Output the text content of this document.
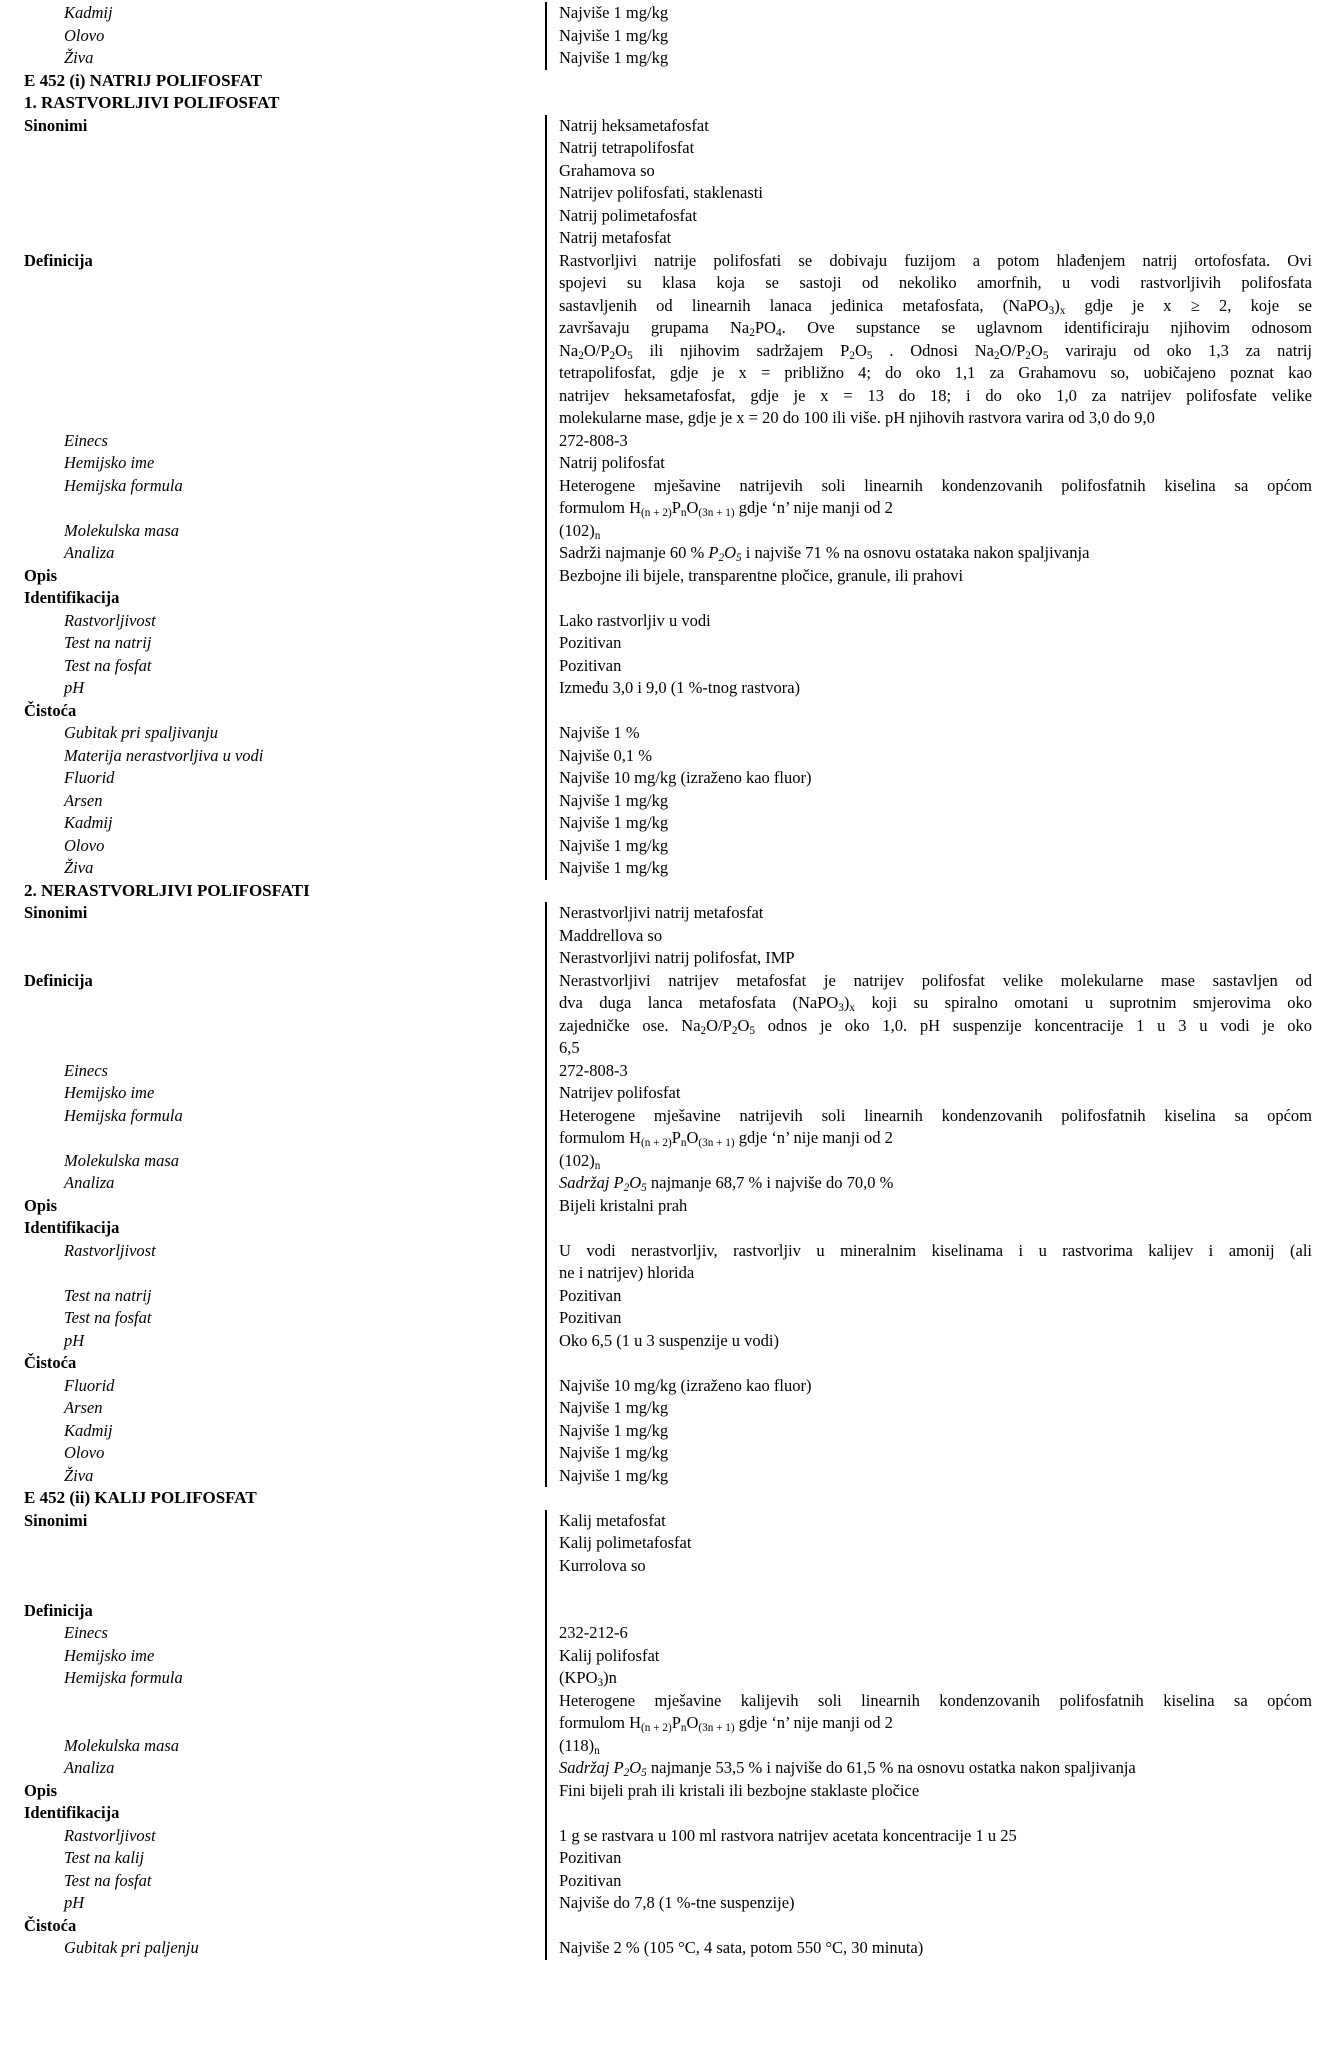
Kadmij	Najviše 1 mg/kg
Olovo	Najviše 1 mg/kg
Živa	Najviše 1 mg/kg
E 452 (i) NATRIJ POLIFOSFAT
1. RASTVORLJIVI POLIFOSFAT
Sinonimi	Natrij heksametafosfat
Natrij tetrapolifosfat
Grahamova so
Natrijev polifosfati, staklenasti
Natrij polimetafosfat
Natrij metafosfat
Definicija	Rastvorljivi natrije polifosfati se dobivaju fuzijom a potom hlađenjem natrij ortofosfata. Ovi
spojevi su klasa koja se sastoji od nekoliko amorfnih, u vodi rastvorljivih polifosfata
sastavljenih od linearnih lanaca jedinica metafosfata, $(NaPO_3)_x$ gdje je x ≥ 2, koje se
završavaju grupama $Na_2PO_4$. Ove supstance se uglavnom identificiraju njihovim odnosom
$Na_2O/P_2O_5$ ili njihovim sadržajem $P_2O_5$ . Odnosi $Na_2O/P_2O_5$ variraju od oko 1,3 za natrij
tetrapolifosfat, gdje je x = približno 4; do oko 1,1 za Grahamovu so, uobičajeno poznat kao
natrijev heksametafosfat, gdje je x = 13 do 18; i do oko 1,0 za natrijev polifosfate velike
molekularne mase, gdje je x = 20 do 100 ili više. pH njihovih rastvora varira od 3,0 do 9,0
Einecs	272-808-3
Hemijsko ime	Natrij polifosfat
Hemijska formula	Heterogene mješavine natrijevih soli linearnih kondenzovanih polifosfatnih kiselina sa općom
formulom $H_{(n + 2)}P_nO_{(3n + 1)}$ gdje ‘n’ nije manji od 2
Molekulska masa	$(102)_n$
Analiza	Sadrži najmanje 60 % $P_2O_5$ i najviše 71 % na osnovu ostataka nakon spaljivanja
Opis	Bezbojne ili bijele, transparentne pločice, granule, ili prahovi
Identifikacija

Rastvorljivost	Lako rastvorljiv u vodi
Test na natrij	Pozitivan
Test na fosfat	Pozitivan
pH	Između 3,0 i 9,0 (1 %-tnog rastvora)
Čistoća

Gubitak pri spaljivanju	Najviše 1 %
Materija nerastvorljiva u vodi	Najviše 0,1 %
Fluorid	Najviše 10 mg/kg (izraženo kao fluor)
Arsen	Najviše 1 mg/kg
Kadmij	Najviše 1 mg/kg
Olovo	Najviše 1 mg/kg
Živa	Najviše 1 mg/kg
2. NERASTVORLJIVI POLIFOSFATI
Sinonimi	Nerastvorljivi natrij metafosfat
Maddrellova so
Nerastvorljivi natrij polifosfat, IMP
Definicija	Nerastvorljivi natrijev metafosfat je natrijev polifosfat velike molekularne mase sastavljen od
dva duga lanca metafosfata $(NaPO_3)_x$ koji su spiralno omotani u suprotnim smjerovima oko
zajedničke ose. $Na_2O/P_2O_5$ odnos je oko 1,0. pH suspenzije koncentracije 1 u 3 u vodi je oko
6,5
Einecs	272-808-3
Hemijsko ime	Natrijev polifosfat
Hemijska formula	Heterogene mješavine natrijevih soli linearnih kondenzovanih polifosfatnih kiselina sa općom
formulom $H_{(n + 2)}P_nO_{(3n + 1)}$ gdje ‘n’ nije manji od 2
Molekulska masa	$(102)_n$
Analiza	Sadržaj $P_2O_5$ najmanje 68,7 % i najviše do 70,0 %
Opis	Bijeli kristalni prah
Identifikacija

Rastvorljivost	U vodi nerastvorljiv, rastvorljiv u mineralnim kiselinama i u rastvorima kalijev i amonij (ali
ne i natrijev) hlorida
Test na natrij	Pozitivan
Test na fosfat	Pozitivan
pH	Oko 6,5 (1 u 3 suspenzije u vodi)
Čistoća

Fluorid	Najviše 10 mg/kg (izraženo kao fluor)
Arsen	Najviše 1 mg/kg
Kadmij	Najviše 1 mg/kg
Olovo	Najviše 1 mg/kg
Živa	Najviše 1 mg/kg
E 452 (ii) KALIJ POLIFOSFAT
Sinonimi	Kalij metafosfat
Kalij polimetafosfat
Kurrolova so

Definicija

Einecs	232-212-6
Hemijsko ime	Kalij polifosfat
Hemijska formula	$(KPO_3)n$
Heterogene mješavine kalijevih soli linearnih kondenzovanih polifosfatnih kiselina sa općom
formulom $H_{(n + 2)}P_nO_{(3n + 1)}$ gdje ‘n’ nije manji od 2
Molekulska masa	$(118)_n$
Analiza	Sadržaj $P_2O_5$ najmanje 53,5 % i najviše do 61,5 % na osnovu ostatka nakon spaljivanja
Opis	Fini bijeli prah ili kristali ili bezbojne staklaste pločice
Identifikacija

Rastvorljivost	1 g se rastvara u 100 ml rastvora natrijev acetata koncentracije 1 u 25
Test na kalij	Pozitivan
Test na fosfat	Pozitivan
pH	Najviše do 7,8 (1 %-tne suspenzije)
Čistoća

Gubitak pri paljenju	Najviše 2 % (105 °C, 4 sata, potom 550 °C, 30 minuta)
